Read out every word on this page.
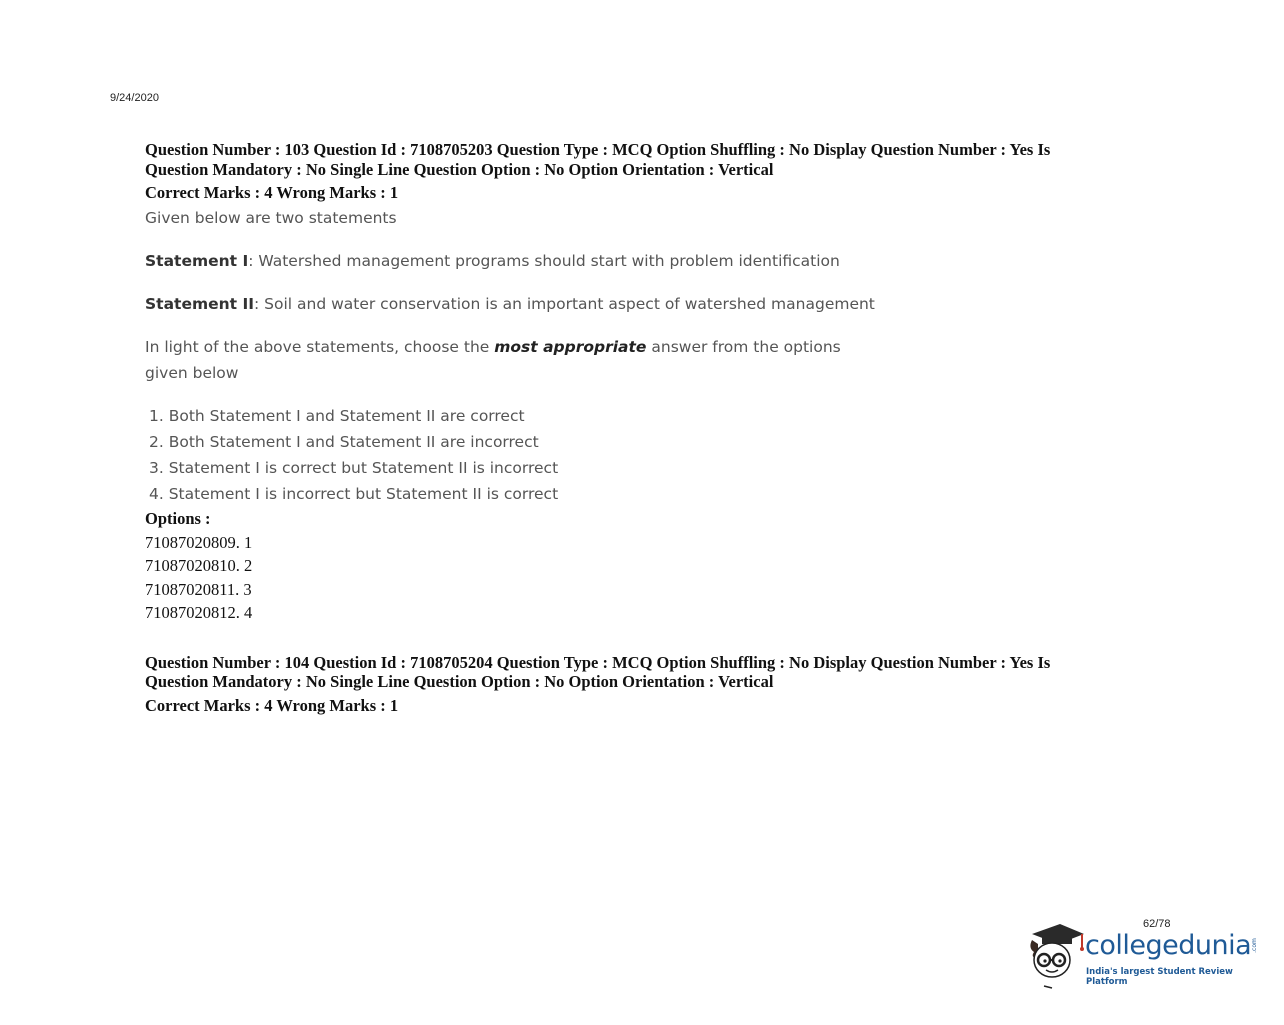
9/24/2020

Question Number : 103 Question Id : 7108705203 Question Type : MCQ Option Shuffling : No Display Question Number : Yes Is
Question Mandatory : No Single Line Question Option : No Option Orientation : Vertical

Correct Marks : 4 Wrong Marks : 1

Given below are two statements

Statement I: Watershed management programs should start with problem identification

Statement II: Soil and water conservation is an important aspect of watershed management

In light of the above statements, choose the most appropriate answer from the options given below

1. Both Statement I and Statement II are correct
2. Both Statement I and Statement II are incorrect
3. Statement I is correct but Statement II is incorrect
4. Statement I is incorrect but Statement II is correct
Options :
71087020809. 1
71087020810. 2
71087020811. 3
71087020812. 4

Question Number : 104 Question Id : 7108705204 Question Type : MCQ Option Shuffling : No Display Question Number : Yes Is
Question Mandatory : No Single Line Question Option : No Option Orientation : Vertical

Correct Marks : 4 Wrong Marks : 1

62/78
collegedunia .com
India's largest Student Review Platform
